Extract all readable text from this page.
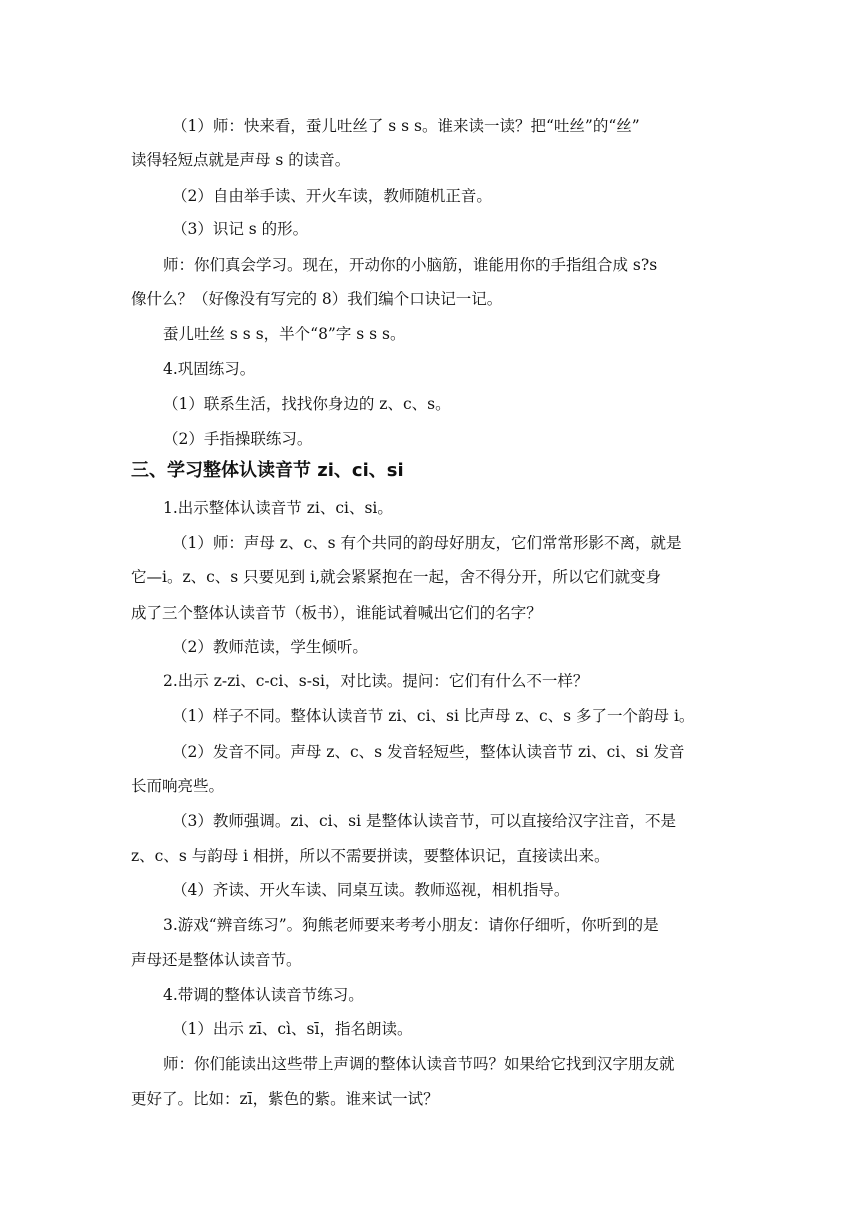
（1）师：快来看，蚕儿吐丝了 s s s。谁来读一读？把“吐丝”的“丝”
读得轻短点就是声母 s 的读音。
（2）自由举手读、开火车读，教师随机正音。
（3）识记 s 的形。
师：你们真会学习。现在，开动你的小脑筋，谁能用你的手指组合成 s?s
像什么？（好像没有写完的 8）我们编个口诀记一记。
蚕儿吐丝 s s s，半个“8”字 s s s。
4.巩固练习。
（1）联系生活，找找你身边的 z、c、s。
（2）手指操联练习。
三、学习整体认读音节 zi、ci、si
1.出示整体认读音节 zi、ci、si。
（1）师：声母 z、c、s 有个共同的韵母好朋友，它们常常形影不离，就是
它—i。z、c、s 只要见到 i,就会紧紧抱在一起，舍不得分开，所以它们就变身
成了三个整体认读音节（板书），谁能试着喊出它们的名字？
（2）教师范读，学生倾听。
2.出示 z-zi、c-ci、s-si，对比读。提问：它们有什么不一样？
（1）样子不同。整体认读音节 zi、ci、si 比声母 z、c、s 多了一个韵母 i。
（2）发音不同。声母 z、c、s 发音轻短些，整体认读音节 zi、ci、si 发音
长而响亮些。
（3）教师强调。zi、ci、si 是整体认读音节，可以直接给汉字注音，不是
z、c、s 与韵母 i 相拼，所以不需要拼读，要整体识记，直接读出来。
（4）齐读、开火车读、同桌互读。教师巡视，相机指导。
3.游戏“辨音练习”。狗熊老师要来考考小朋友：请你仔细听，你听到的是
声母还是整体认读音节。
4.带调的整体认读音节练习。
（1）出示 zī、cì、sī，指名朗读。
师：你们能读出这些带上声调的整体认读音节吗？如果给它找到汉字朋友就
更好了。比如：zī，紫色的紫。谁来试一试？
